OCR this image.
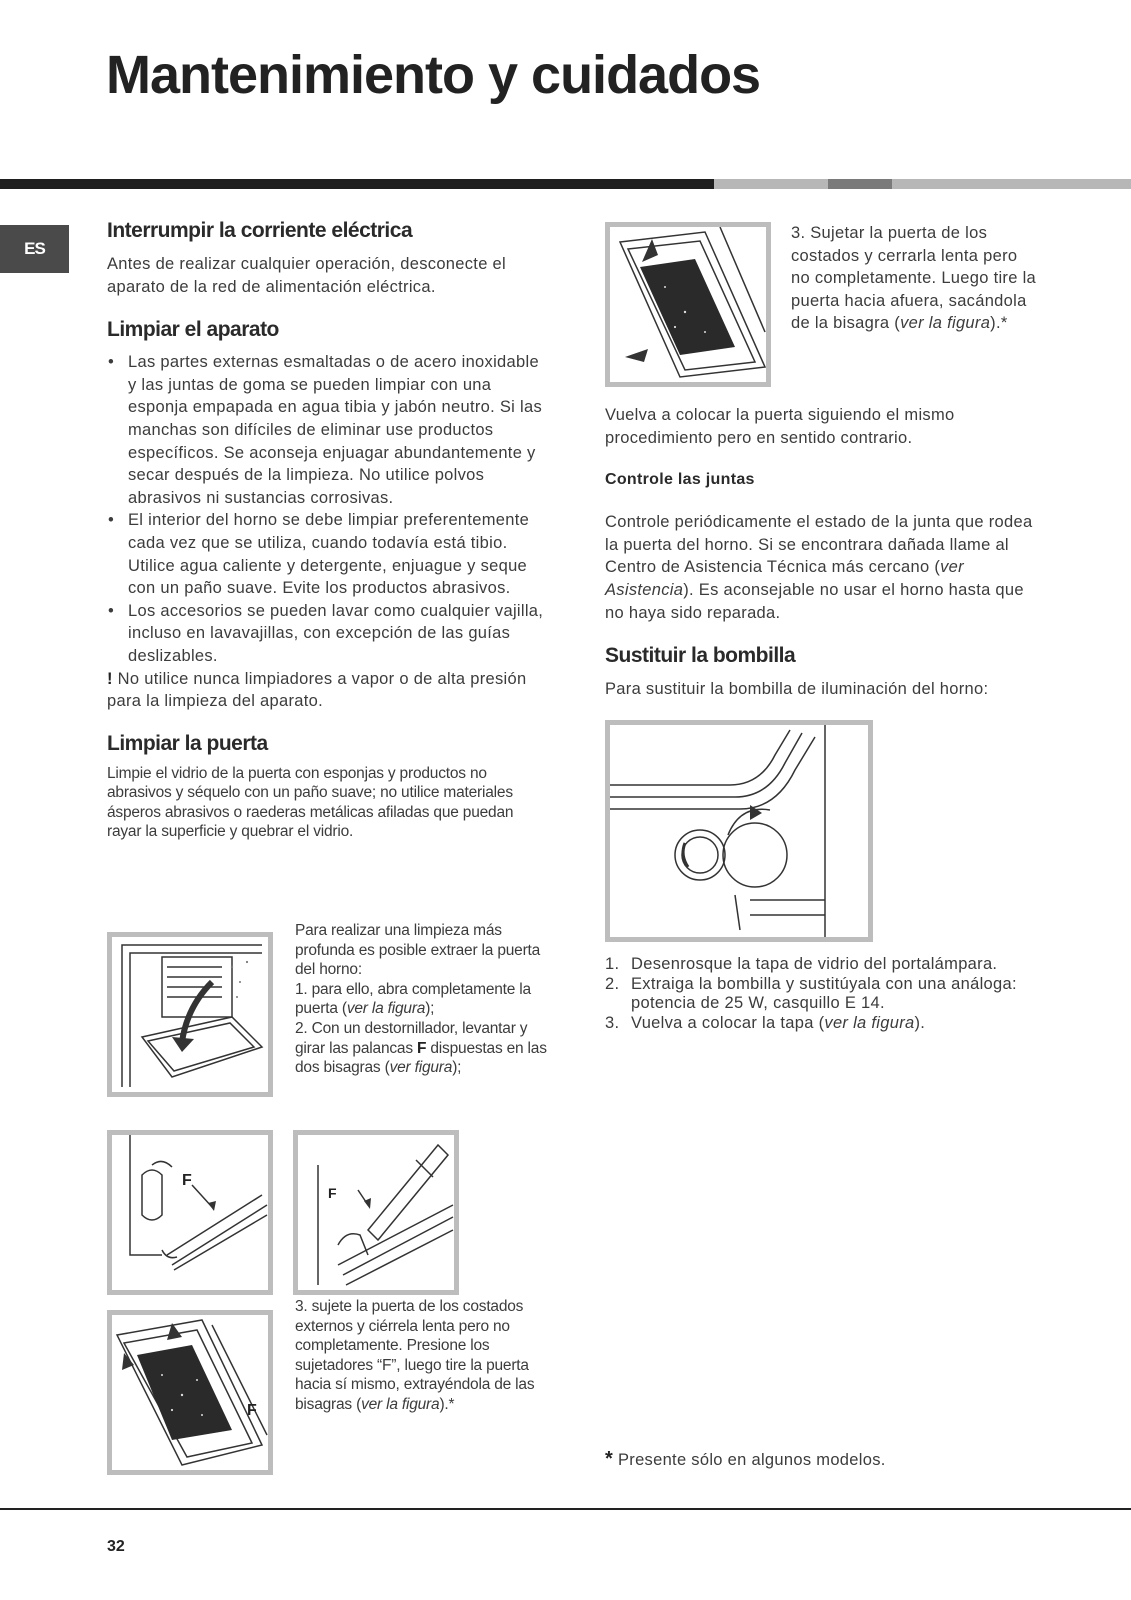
Mantenimiento y cuidados
ES
Interrumpir la corriente eléctrica
Antes de realizar cualquier operación, desconecte el aparato de la red de alimentación eléctrica.
Limpiar el aparato
• Las partes externas esmaltadas o de acero inoxidable y las juntas de goma se pueden limpiar con una esponja empapada en agua tibia y jabón neutro. Si las manchas son difíciles de eliminar use productos específicos. Se aconseja enjuagar abundantemente y secar después de la limpieza. No utilice polvos abrasivos ni sustancias corrosivas.
• El interior del horno se debe limpiar preferentemente cada vez que se utiliza, cuando todavía está tibio. Utilice agua caliente y detergente, enjuague y seque con un paño suave. Evite los productos abrasivos.
• Los accesorios se pueden lavar como cualquier vajilla, incluso en lavavajillas, con excepción de las guías deslizables.
! No utilice nunca limpiadores a vapor o de alta presión para la limpieza del aparato.
Limpiar la puerta
Limpie el vidrio de la puerta con esponjas y productos no abrasivos y séquelo con un paño suave; no utilice materiales ásperos abrasivos o raederas metálicas afiladas que puedan rayar la superficie y quebrar el vidrio.
Para realizar una limpieza más profunda es posible extraer la puerta del horno:
1. para ello, abra completamente la puerta (ver la figura);
2. Con un destornillador, levantar y girar las palancas F dispuestas en las dos bisagras (ver figura);
3. sujete la puerta de los costados externos y ciérrela lenta pero no completamente. Presione los sujetadores “F”, luego tire la puerta hacia sí mismo, extrayéndola de las bisagras (ver la figura).*
F
F
F
3. Sujetar la puerta de los costados y cerrarla lenta pero no completamente. Luego tire la puerta hacia afuera, sacándola de la bisagra (ver la figura).*
Vuelva a colocar la puerta siguiendo el mismo procedimiento pero en sentido contrario.
Controle las juntas
Controle periódicamente el estado de la junta que rodea la puerta del horno. Si se encontrara dañada llame al Centro de Asistencia Técnica más cercano (ver Asistencia). Es aconsejable no usar el horno hasta que no haya sido reparada.
Sustituir la bombilla
Para sustituir la bombilla de iluminación del horno:
1. Desenrosque la tapa de vidrio del portalámpara.
2. Extraiga la bombilla y sustitúyala con una análoga: potencia de 25 W, casquillo E 14.
3. Vuelva a colocar la tapa (ver la figura).
* Presente sólo en algunos modelos.
32
